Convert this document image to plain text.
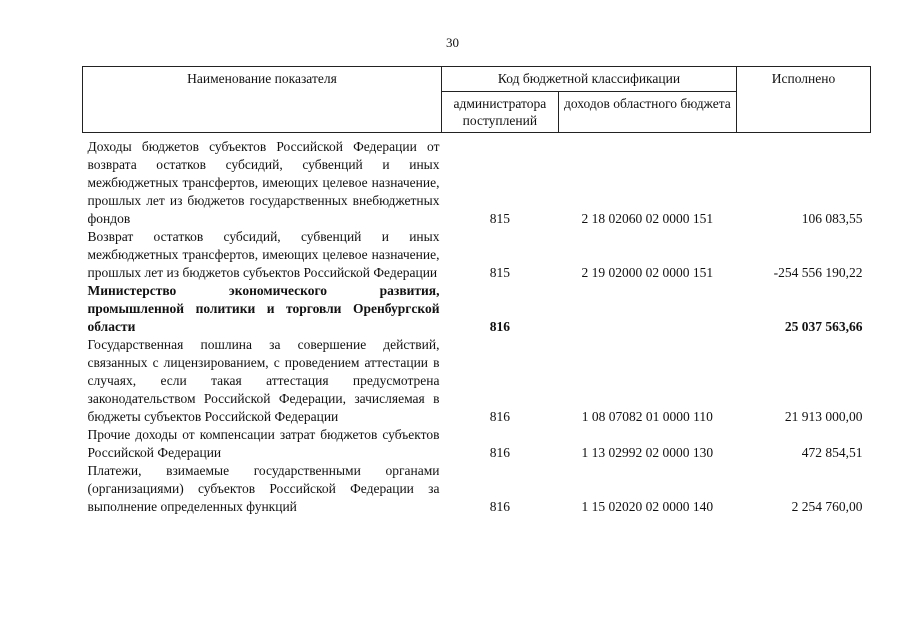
30
Наименование показателя	Код бюджетной классификации		Исполнено
	администратора поступлений	доходов областного бюджета	
Доходы бюджетов субъектов Российской Федерации от возврата остатков субсидий, субвенций и иных межбюджетных трансфертов, имеющих целевое назначение, прошлых лет из бюджетов государственных внебюджетных фондов	815	2 18 02060 02 0000 151	106 083,55
Возврат остатков субсидий, субвенций и иных межбюджетных трансфертов, имеющих целевое назначение, прошлых лет из бюджетов субъектов Российской Федерации	815	2 19 02000 02 0000 151	-254 556 190,22
Министерство экономического развития, промышленной политики и торговли Оренбургской области	816		25 037 563,66
Государственная пошлина за совершение действий, связанных с лицензированием, с проведением аттестации в случаях, если такая аттестация предусмотрена законодательством Российской Федерации, зачисляемая в бюджеты субъектов Российской Федерации	816	1 08 07082 01 0000 110	21 913 000,00
Прочие доходы от компенсации затрат бюджетов субъектов Российской Федерации	816	1 13 02992 02 0000 130	472 854,51
Платежи, взимаемые государственными органами (организациями) субъектов Российской Федерации за выполнение определенных функций	816	1 15 02020 02 0000 140	2 254 760,00
